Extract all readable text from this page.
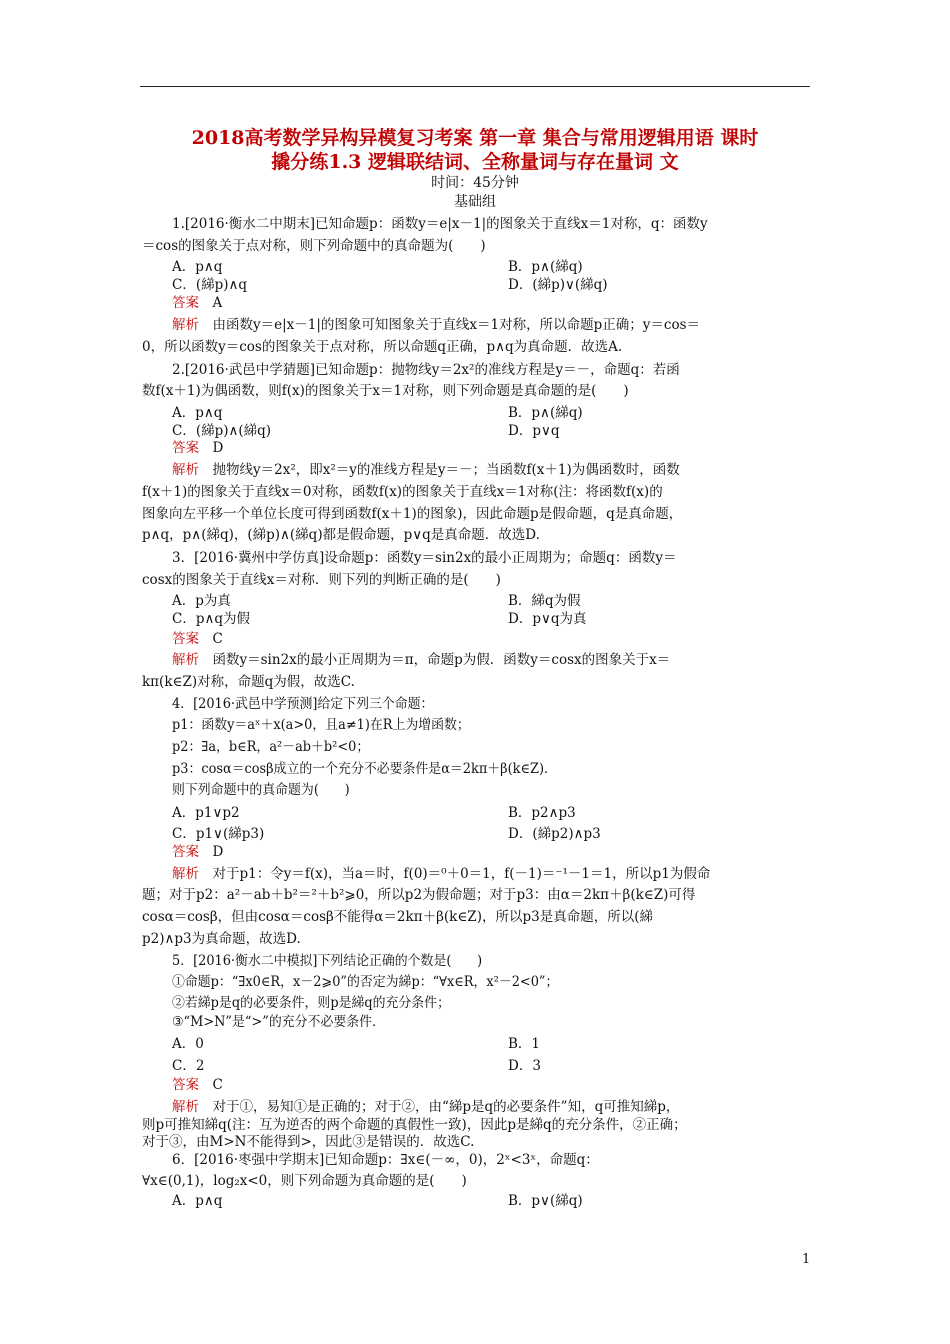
2018高考数学异构异模复习考案 第一章 集合与常用逻辑用语 课时
撬分练1.3 逻辑联结词、全称量词与存在量词 文
时间：45分钟
基础组
1.[2016·衡水二中期末]已知命题p：函数y＝e|x－1|的图象关于直线x＝1对称，q：函数y
＝cos的图象关于点对称，则下列命题中的真命题为(　　)
A．p∧q	B．p∧(綈q)
C．(綈p)∧q	D．(綈p)∨(綈q)
答案　 A
解析　 由函数y＝e|x－1|的图象可知图象关于直线x＝1对称，所以命题p正确；y＝cos＝
0，所以函数y＝cos的图象关于点对称，所以命题q正确，p∧q为真命题．故选A.
2.[2016·武邑中学猜题]已知命题p：抛物线y＝2x²的准线方程是y＝－，命题q：若函
数f(x＋1)为偶函数，则f(x)的图象关于x＝1对称，则下列命题是真命题的是(　　)
A．p∧q	B．p∧(綈q)
C．(綈p)∧(綈q)	D．p∨q
答案　 D
解析　 抛物线y＝2x²，即x²＝y的准线方程是y＝－；当函数f(x＋1)为偶函数时，函数
f(x＋1)的图象关于直线x＝0对称，函数f(x)的图象关于直线x＝1对称(注：将函数f(x)的
图象向左平移一个单位长度可得到函数f(x＋1)的图象)，因此命题p是假命题，q是真命题，
p∧q，p∧(綈q)，(綈p)∧(綈q)都是假命题，p∨q是真命题．故选D.
3．[2016·冀州中学仿真]设命题p：函数y＝sin2x的最小正周期为；命题q：函数y＝
cosx的图象关于直线x＝对称．则下列的判断正确的是(　　)
A．p为真	B．綈q为假
C．p∧q为假	D．p∨q为真
答案　 C
解析　 函数y＝sin2x的最小正周期为＝π，命题p为假．函数y＝cosx的图象关于x＝
kπ(k∈Z)对称，命题q为假，故选C.
4．[2016·武邑中学预测]给定下列三个命题：
p1：函数y＝aˣ＋x(a>0，且a≠1)在R上为增函数；
p2：∃a，b∈R，a²－ab＋b²<0；
p3：cosα＝cosβ成立的一个充分不必要条件是α＝2kπ＋β(k∈Z)．
则下列命题中的真命题为(　　)
A．p1∨p2	B．p2∧p3
C．p1∨(綈p3)	D．(綈p2)∧p3
答案　 D
解析　 对于p1：令y＝f(x)，当a＝时，f(0)＝⁰＋0＝1，f(－1)＝⁻¹－1＝1，所以p1为假命
题；对于p2：a²－ab＋b²＝²＋b²⩾0，所以p2为假命题；对于p3：由α＝2kπ＋β(k∈Z)可得
cosα＝cosβ，但由cosα＝cosβ不能得α＝2kπ＋β(k∈Z)，所以p3是真命题，所以(綈
p2)∧p3为真命题，故选D.
5．[2016·衡水二中模拟]下列结论正确的个数是(　　)
①命题p：“∃x0∈R，x－2⩾0”的否定为綈p：“∀x∈R，x²－2<0”；
②若綈p是q的必要条件，则p是綈q的充分条件；
③“M>N”是“>”的充分不必要条件．
A．0	B．1
C．2	D．3
答案　 C
解析　 对于①，易知①是正确的；对于②，由“綈p是q的必要条件”知，q可推知綈p，
则p可推知綈q(注：互为逆否的两个命题的真假性一致)，因此p是綈q的充分条件，②正确；
对于③，由M>N不能得到>，因此③是错误的．故选C.
6．[2016·枣强中学期末]已知命题p：∃x∈(－∞，0)，2ˣ<3ˣ，命题q：
∀x∈(0,1)，log₂x<0，则下列命题为真命题的是(　　)
A．p∧q	B．p∨(綈q)
1
